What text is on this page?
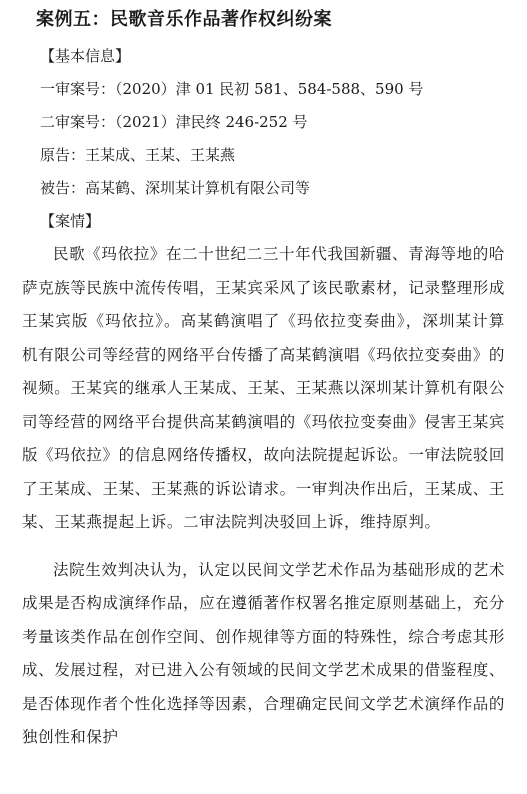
案例五：民歌音乐作品著作权纠纷案
【基本信息】
一审案号：（2020）津 01 民初 581、584-588、590 号
二审案号：（2021）津民终 246-252 号
原告：王某成、王某、王某燕
被告：高某鹤、深圳某计算机有限公司等
【案情】

民歌《玛依拉》在二十世纪二三十年代我国新疆、青海等地的哈萨克族等民族中流传传唱，王某宾采风了该民歌素材，记录整理形成王某宾版《玛依拉》。高某鹤演唱了《玛依拉变奏曲》，深圳某计算机有限公司等经营的网络平台传播了高某鹤演唱《玛依拉变奏曲》的视频。王某宾的继承人王某成、王某、王某燕以深圳某计算机有限公司等经营的网络平台提供高某鹤演唱的《玛依拉变奏曲》侵害王某宾版《玛依拉》的信息网络传播权，故向法院提起诉讼。一审法院驳回了王某成、王某、王某燕的诉讼请求。一审判决作出后，王某成、王某、王某燕提起上诉。二审法院判决驳回上诉，维持原判。

法院生效判决认为，认定以民间文学艺术作品为基础形成的艺术成果是否构成演绎作品，应在遵循著作权署名推定原则基础上，充分考量该类作品在创作空间、创作规律等方面的特殊性，综合考虑其形成、发展过程，对已进入公有领域的民间文学艺术成果的借鉴程度、是否体现作者个性化选择等因素，合理确定民间文学艺术演绎作品的独创性和保护
